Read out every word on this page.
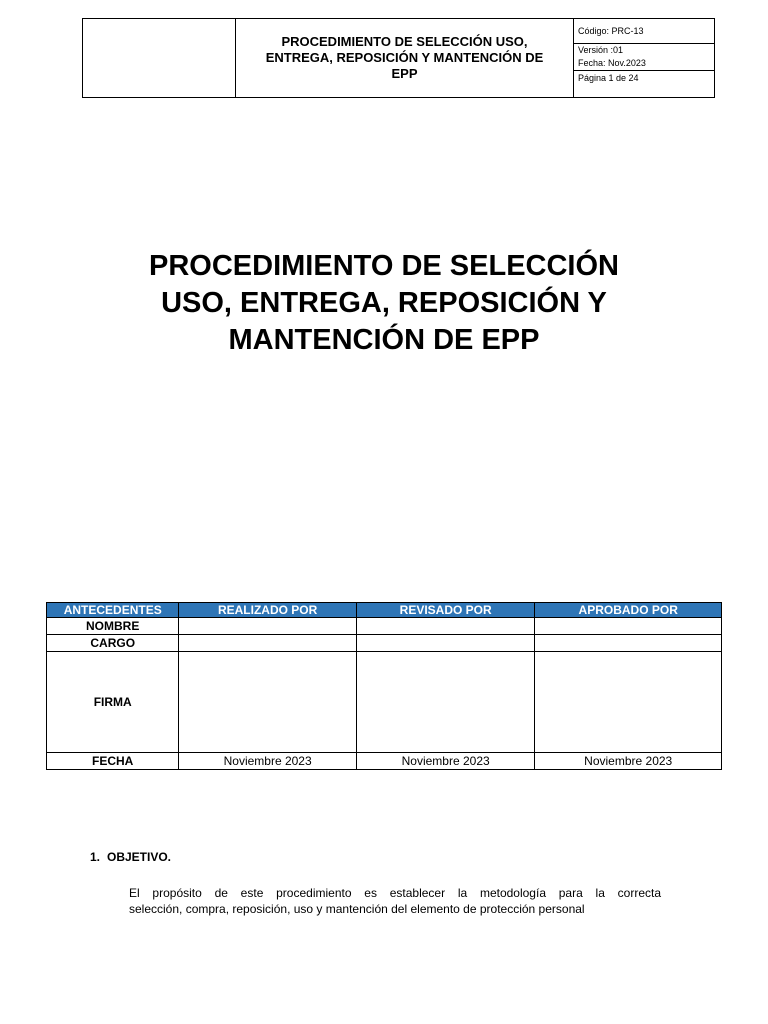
PROCEDIMIENTO DE SELECCIÓN USO,
ENTREGA, REPOSICIÓN Y MANTENCIÓN DE
EPP

Código: PRC-13
Versión :01
Fecha: Nov.2023
Página 1 de 24
PROCEDIMIENTO DE SELECCIÓN
USO, ENTREGA, REPOSICIÓN Y
MANTENCIÓN DE EPP
ANTECEDENTES	REALIZADO POR	REVISADO POR	APROBADO POR
NOMBRE			
CARGO			
FIRMA			
FECHA	Noviembre 2023	Noviembre 2023	Noviembre 2023
1. OBJETIVO.
El propósito de este procedimiento es establecer la metodología para la correcta
selección, compra, reposición, uso y mantención del elemento de protección personal
